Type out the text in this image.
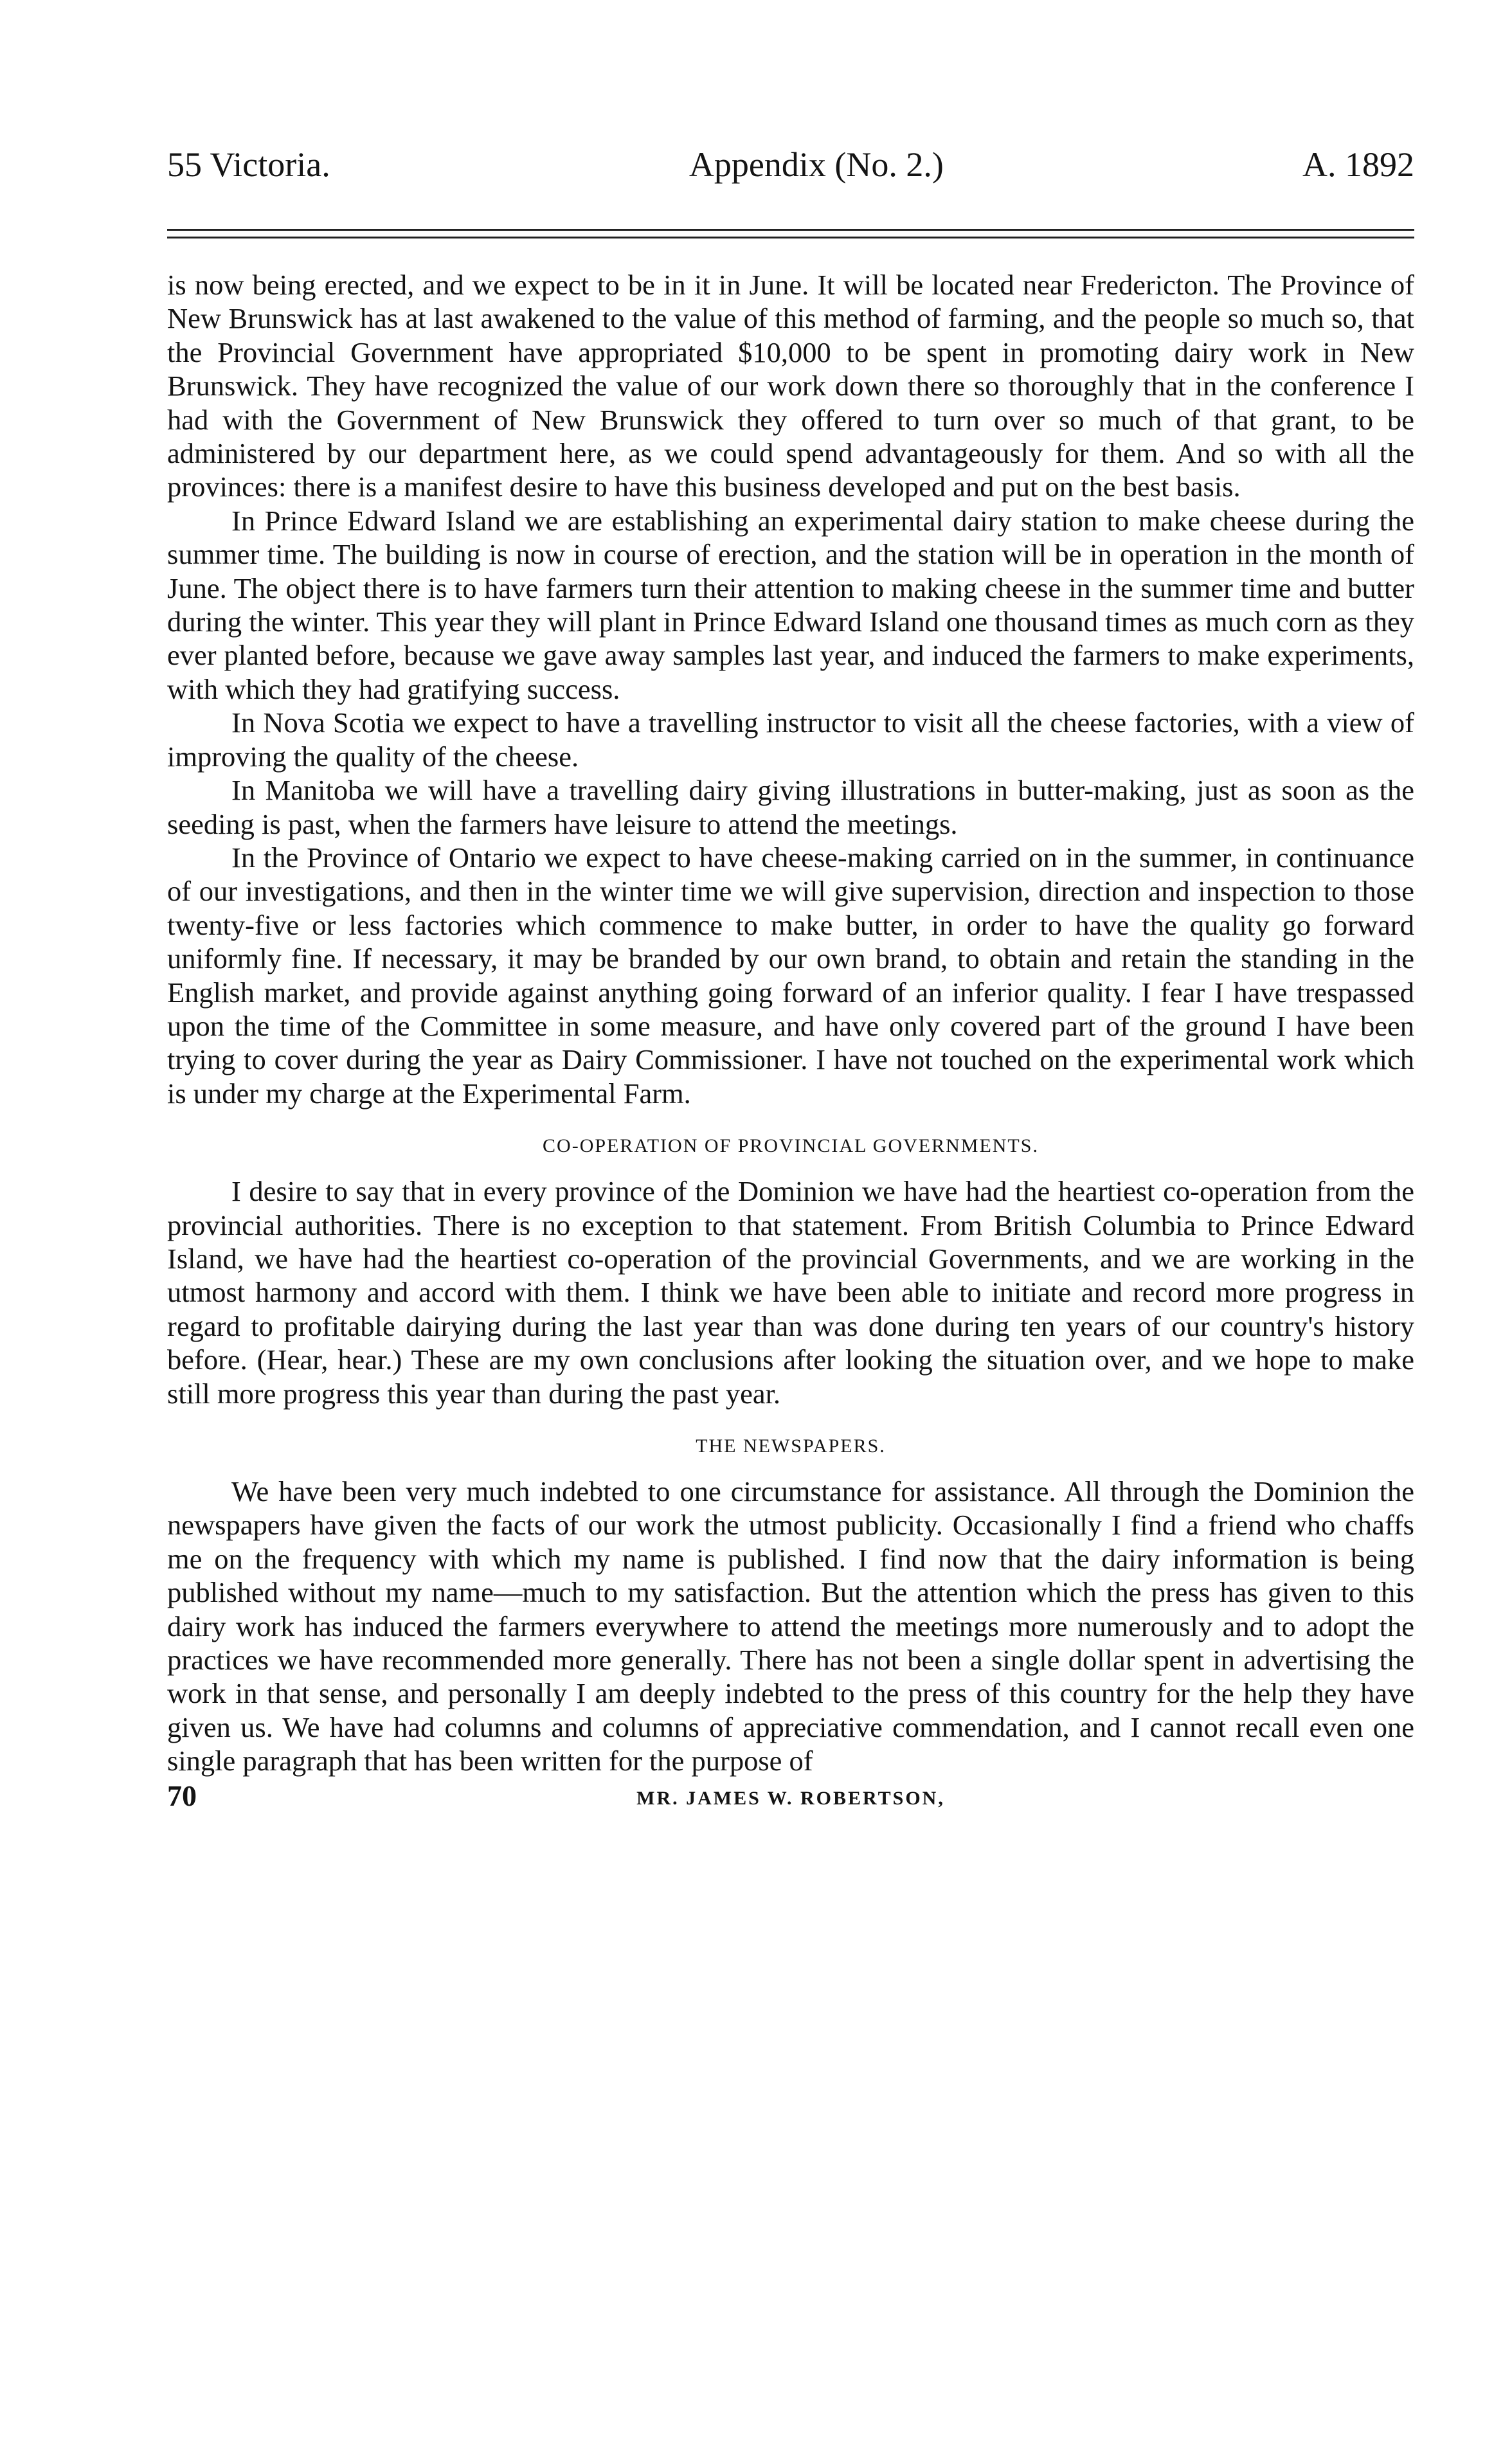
55 Victoria.	Appendix (No. 2.)	A. 1892

is now being erected, and we expect to be in it in June. It will be located near Fredericton. The Province of New Brunswick has at last awakened to the value of this method of farming, and the people so much so, that the Provincial Government have appropriated $10,000 to be spent in promoting dairy work in New Brunswick. They have recognized the value of our work down there so thoroughly that in the conference I had with the Government of New Brunswick they offered to turn over so much of that grant, to be administered by our department here, as we could spend advantageously for them. And so with all the provinces: there is a manifest desire to have this business developed and put on the best basis.

In Prince Edward Island we are establishing an experimental dairy station to make cheese during the summer time. The building is now in course of erection, and the station will be in operation in the month of June. The object there is to have farmers turn their attention to making cheese in the summer time and butter during the winter. This year they will plant in Prince Edward Island one thousand times as much corn as they ever planted before, because we gave away samples last year, and induced the farmers to make experiments, with which they had gratifying success.

In Nova Scotia we expect to have a travelling instructor to visit all the cheese factories, with a view of improving the quality of the cheese.

In Manitoba we will have a travelling dairy giving illustrations in butter-making, just as soon as the seeding is past, when the farmers have leisure to attend the meetings.

In the Province of Ontario we expect to have cheese-making carried on in the summer, in continuance of our investigations, and then in the winter time we will give supervision, direction and inspection to those twenty-five or less factories which commence to make butter, in order to have the quality go forward uniformly fine. If necessary, it may be branded by our own brand, to obtain and retain the standing in the English market, and provide against anything going forward of an inferior quality. I fear I have trespassed upon the time of the Committee in some measure, and have only covered part of the ground I have been trying to cover during the year as Dairy Commissioner. I have not touched on the experimental work which is under my charge at the Experimental Farm.

CO-OPERATION OF PROVINCIAL GOVERNMENTS.

I desire to say that in every province of the Dominion we have had the heartiest co-operation from the provincial authorities. There is no exception to that statement. From British Columbia to Prince Edward Island, we have had the heartiest co-operation of the provincial Governments, and we are working in the utmost harmony and accord with them. I think we have been able to initiate and record more progress in regard to profitable dairying during the last year than was done during ten years of our country's history before. (Hear, hear.) These are my own conclusions after looking the situation over, and we hope to make still more progress this year than during the past year.

THE NEWSPAPERS.

We have been very much indebted to one circumstance for assistance. All through the Dominion the newspapers have given the facts of our work the utmost publicity. Occasionally I find a friend who chaffs me on the frequency with which my name is published. I find now that the dairy information is being published without my name—much to my satisfaction. But the attention which the press has given to this dairy work has induced the farmers everywhere to attend the meetings more numerously and to adopt the practices we have recommended more generally. There has not been a single dollar spent in advertising the work in that sense, and personally I am deeply indebted to the press of this country for the help they have given us. We have had columns and columns of appreciative commendation, and I cannot recall even one single paragraph that has been written for the purpose of

70	MR. JAMES W. ROBERTSON,
